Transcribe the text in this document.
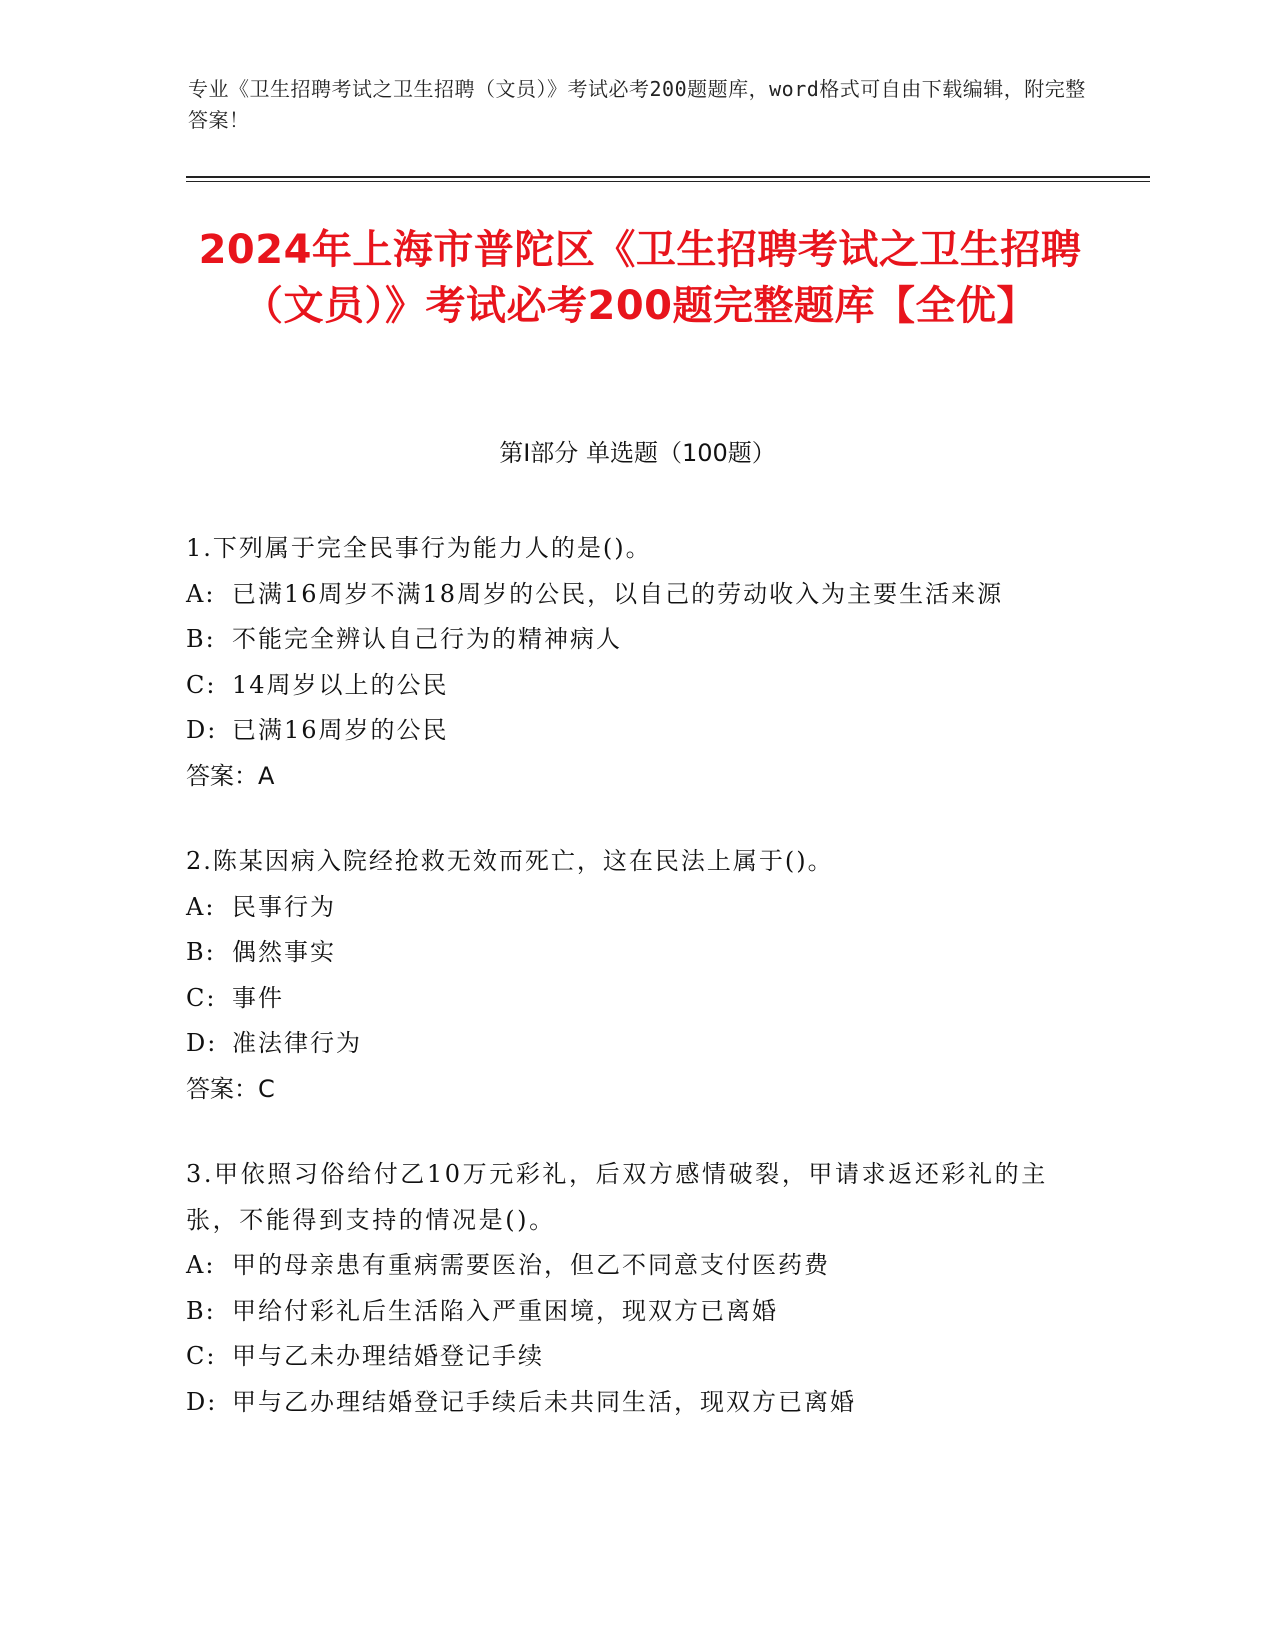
专业《卫生招聘考试之卫生招聘（文员）》考试必考200题题库，word格式可自由下载编辑，附完整答案！
2024年上海市普陀区《卫生招聘考试之卫生招聘（文员）》考试必考200题完整题库【全优】
第I部分 单选题（100题）
1.下列属于完全民事行为能力人的是()。
A: 已满16周岁不满18周岁的公民，以自己的劳动收入为主要生活来源
B: 不能完全辨认自己行为的精神病人
C: 14周岁以上的公民
D: 已满16周岁的公民
答案：A
2.陈某因病入院经抢救无效而死亡，这在民法上属于()。
A: 民事行为
B: 偶然事实
C: 事件
D: 准法律行为
答案：C
3.甲依照习俗给付乙10万元彩礼，后双方感情破裂，甲请求返还彩礼的主张，不能得到支持的情况是()。
A: 甲的母亲患有重病需要医治，但乙不同意支付医药费
B: 甲给付彩礼后生活陷入严重困境，现双方已离婚
C: 甲与乙未办理结婚登记手续
D: 甲与乙办理结婚登记手续后未共同生活，现双方已离婚
